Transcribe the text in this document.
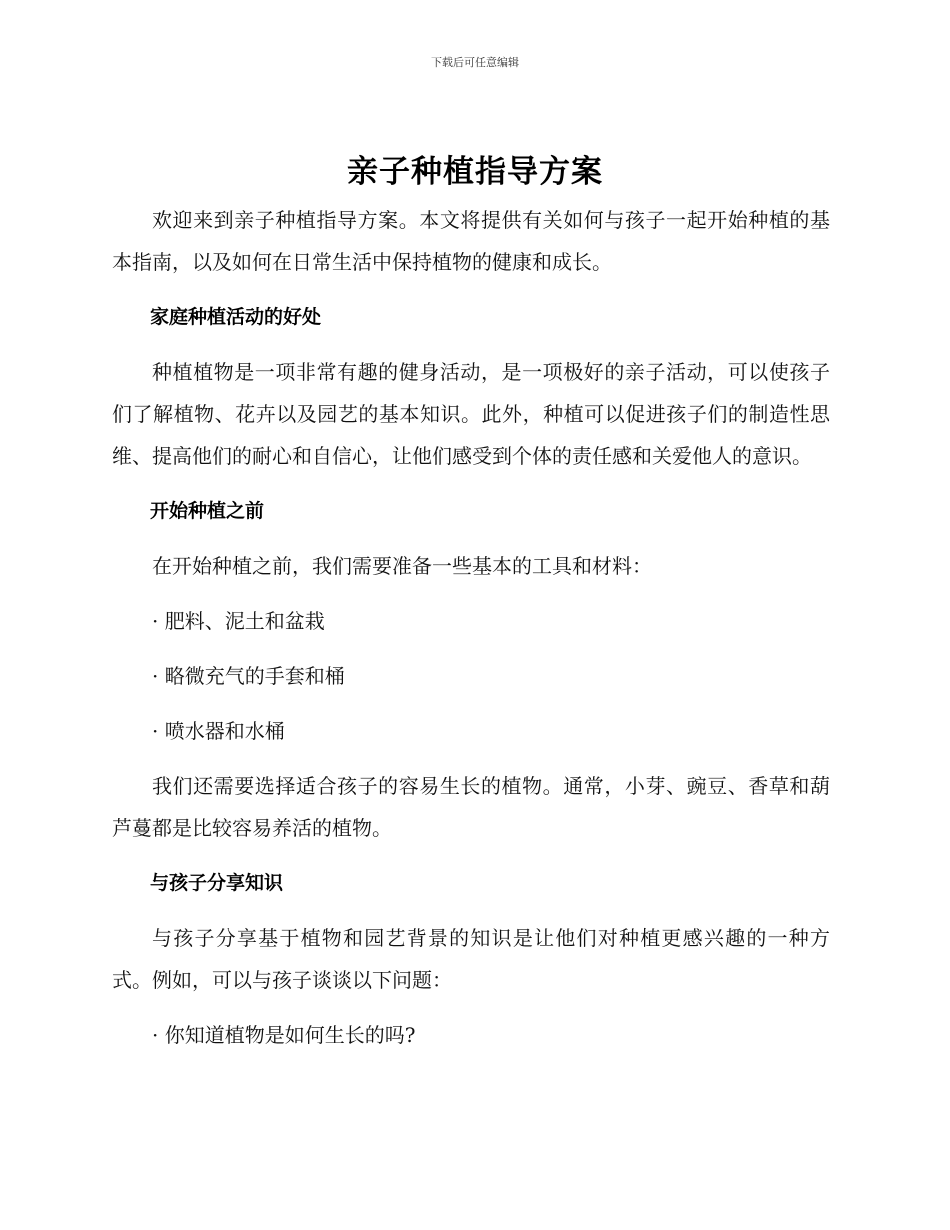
下载后可任意编辑
亲子种植指导方案

欢迎来到亲子种植指导方案。本文将提供有关如何与孩子一起开始种植的基本指南，以及如何在日常生活中保持植物的健康和成长。

家庭种植活动的好处

种植植物是一项非常有趣的健身活动，是一项极好的亲子活动，可以使孩子们了解植物、花卉以及园艺的基本知识。此外，种植可以促进孩子们的制造性思维、提高他们的耐心和自信心，让他们感受到个体的责任感和关爱他人的意识。

开始种植之前

在开始种植之前，我们需要准备一些基本的工具和材料：

· 肥料、泥土和盆栽

· 略微充气的手套和桶

· 喷水器和水桶

我们还需要选择适合孩子的容易生长的植物。通常，小芽、豌豆、香草和葫芦蔓都是比较容易养活的植物。

与孩子分享知识

与孩子分享基于植物和园艺背景的知识是让他们对种植更感兴趣的一种方式。例如，可以与孩子谈谈以下问题：

· 你知道植物是如何生长的吗?
